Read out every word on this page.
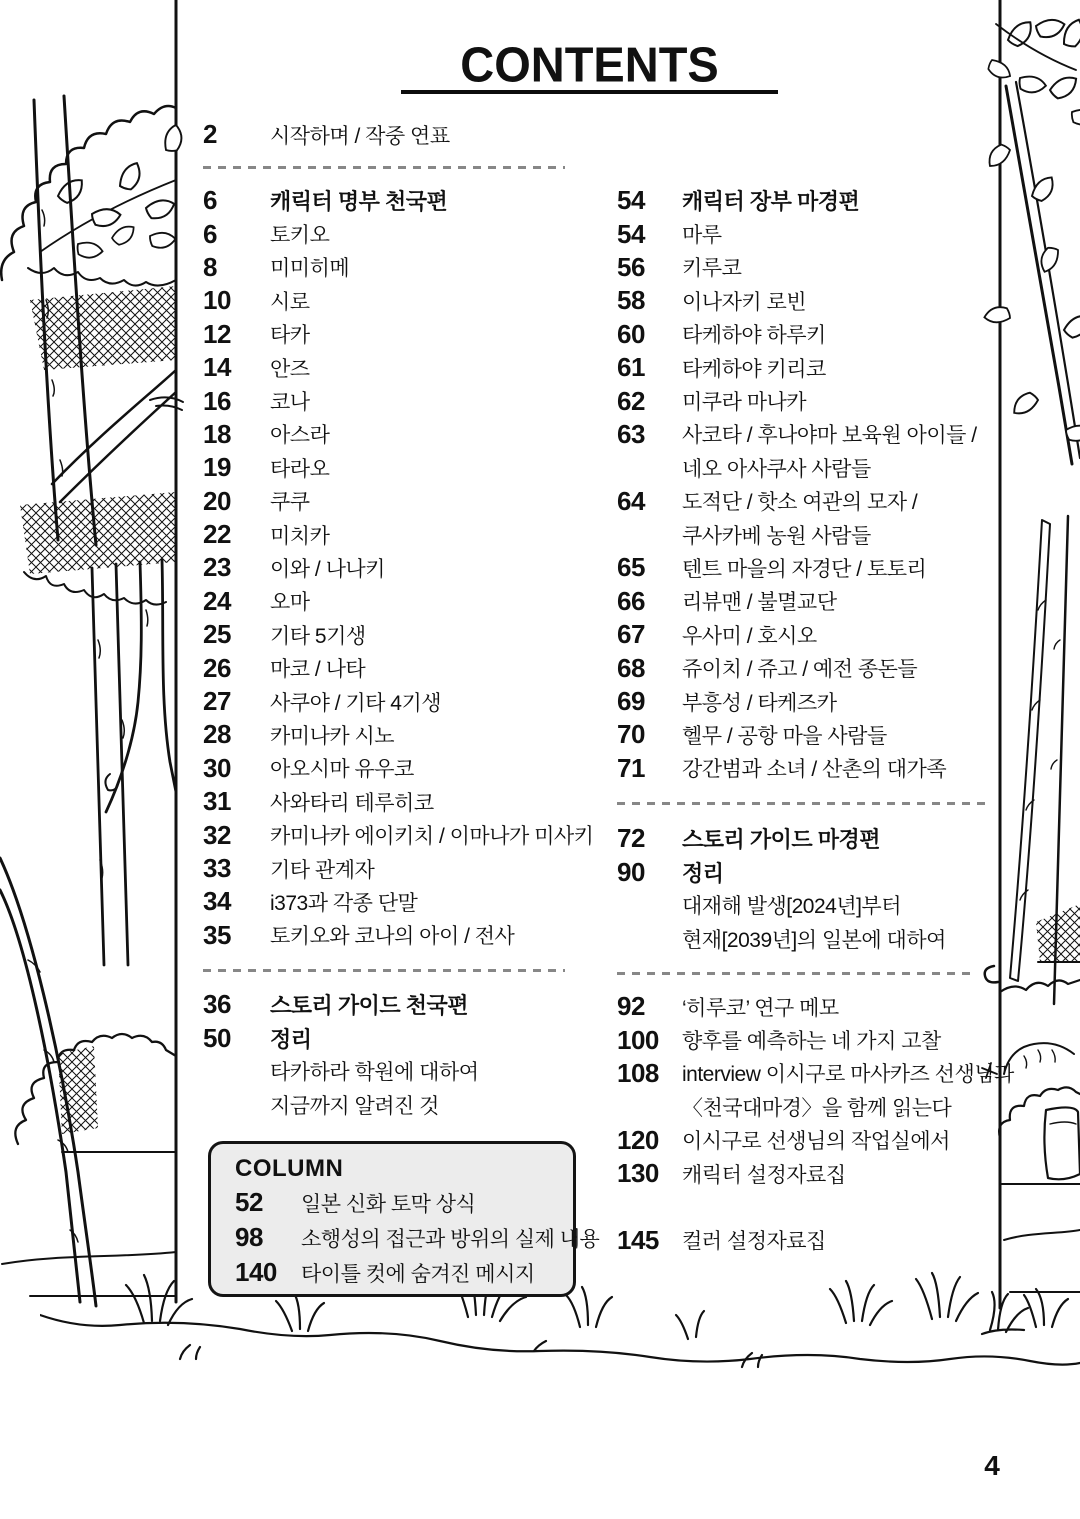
CONTENTS
2	시작하며 / 작중 연표
6	캐릭터 명부 천국편
6	토키오
8	미미히메
10	시로
12	타카
14	안즈
16	코나
18	아스라
19	타라오
20	쿠쿠
22	미치카
23	이와 / 나나키
24	오마
25	기타 5기생
26	마코 / 나타
27	사쿠야 / 기타 4기생
28	카미나카 시노
30	아오시마 유우코
31	사와타리 테루히코
32	카미나카 에이키치 / 이마나가 미사키
33	기타 관계자
34	i373과 각종 단말
35	토키오와 코나의 아이 / 전사
36	스토리 가이드 천국편
50	정리
타카하라 학원에 대하여
지금까지 알려진 것
COLUMN
52	일본 신화 토막 상식
98	소행성의 접근과 방위의 실제 내용
140	타이틀 컷에 숨겨진 메시지
54	캐릭터 장부 마경편
54	마루
56	키루코
58	이나자키 로빈
60	타케하야 하루키
61	타케하야 키리코
62	미쿠라 마나카
63	사코타 / 후나야마 보육원 아이들 /
네오 아사쿠사 사람들
64	도적단 / 핫소 여관의 모자 /
쿠사카베 농원 사람들
65	텐트 마을의 자경단 / 토토리
66	리뷰맨 / 불멸교단
67	우사미 / 호시오
68	쥬이치 / 쥬고 / 예전 종돈들
69	부흥성 / 타케즈카
70	헬무 / 공항 마을 사람들
71	강간범과 소녀 / 산촌의 대가족
72	스토리 가이드 마경편
90	정리
대재해 발생[2024년]부터
현재[2039년]의 일본에 대하여
92	‘히루코’ 연구 메모
100	향후를 예측하는 네 가지 고찰
108	interview 이시구로 마사카즈 선생님과
〈천국대마경〉을 함께 읽는다
120	이시구로 선생님의 작업실에서
130	캐릭터 설정자료집
145	컬러 설정자료집
4
